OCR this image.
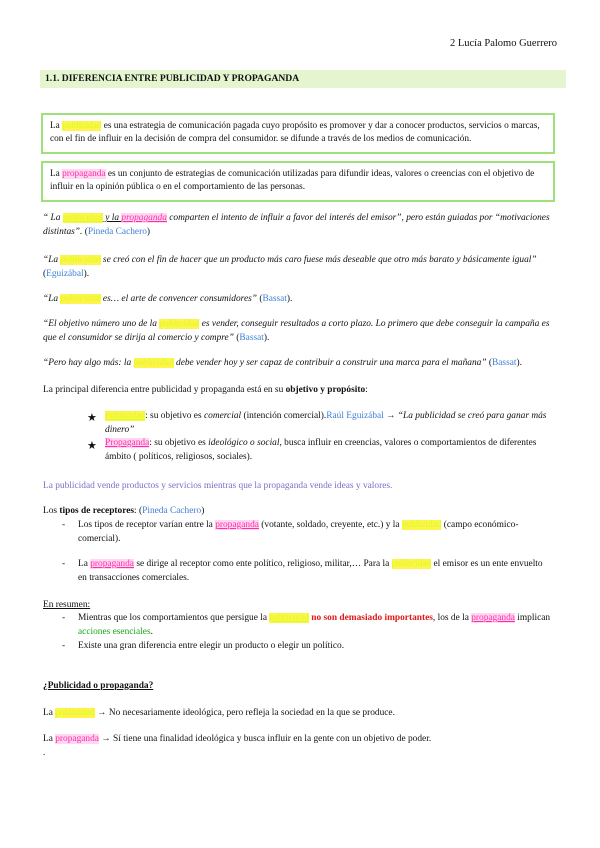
2 Lucía Palomo Guerrero
1.1. DIFERENCIA ENTRE PUBLICIDAD Y PROPAGANDA
La publicidad es una estrategia de comunicación pagada cuyo propósito es promover y dar a conocer productos, servicios o marcas, con el fin de influir en la decisión de compra del consumidor. se difunde a través de los medios de comunicación.
La propaganda es un conjunto de estrategias de comunicación utilizadas para difundir ideas, valores o creencias con el objetivo de influir en la opinión pública o en el comportamiento de las personas.
“ La publicidad y la propaganda comparten el intento de influir a favor del interés del emisor”, pero están guiadas por “motivaciones distintas”. (Pineda Cachero)
“La publicidad se creó con el fin de hacer que un producto más caro fuese más deseable que otro más barato y básicamente igual” (Eguizábal).
“La publicidad es… el arte de convencer consumidores” (Bassat).
“El objetivo número uno de la publicidad es vender, conseguir resultados a corto plazo. Lo primero que debe conseguir la campaña es que el consumidor se dirija al comercio y compre” (Bassat).
“Pero hay algo más: la publicidad debe vender hoy y ser capaz de contribuir a construir una marca para el mañana” (Bassat).
La principal diferencia entre publicidad y propaganda está en su objetivo y propósito:
★ Publicidad: su objetivo es comercial (intención comercial).Raúl Eguizábal → “La publicidad se creó para ganar más dinero”
★ Propaganda: su objetivo es ideológico o social, busca influir en creencias, valores o comportamientos de diferentes ámbito ( políticos, religiosos, sociales).
La publicidad vende productos y servicios mientras que la propaganda vende ideas y valores.
Los tipos de receptores: (Pineda Cachero)
- Los tipos de receptor varían entre la propaganda (votante, soldado, creyente, etc.) y la publicidad (campo económico-comercial).
- La propaganda se dirige al receptor como ente político, religioso, militar,… Para la publicidad el emisor es un ente envuelto en transacciones comerciales.
En resumen:
- Mientras que los comportamientos que persigue la publicidad no son demasiado importantes, los de la propaganda implican acciones esenciales.
- Existe una gran diferencia entre elegir un producto o elegir un político.
¿Publicidad o propaganda?
La publicidad → No necesariamente ideológica, pero refleja la sociedad en la que se produce.
La propaganda → Sí tiene una finalidad ideológica y busca influir en la gente con un objetivo de poder.
.
